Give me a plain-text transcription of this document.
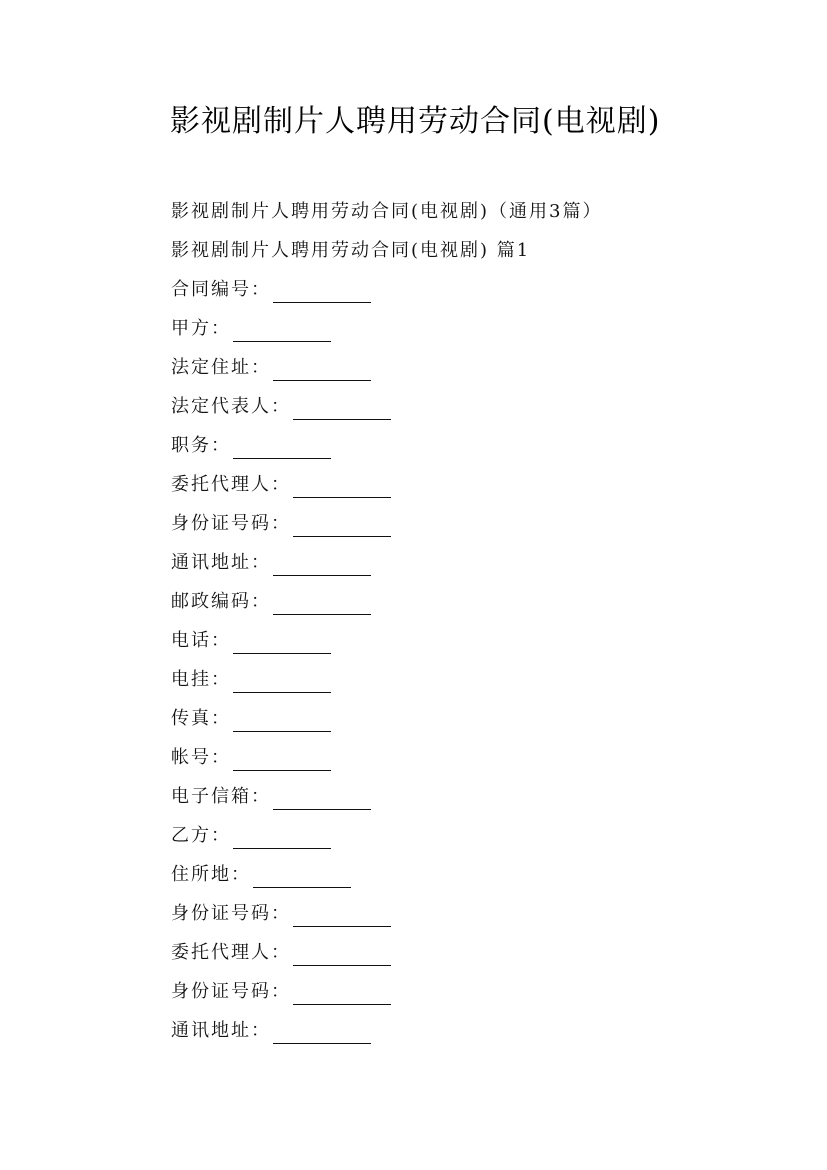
影视剧制片人聘用劳动合同(电视剧)
影视剧制片人聘用劳动合同(电视剧)（通用3篇）
影视剧制片人聘用劳动合同(电视剧) 篇1
合同编号：
甲方：
法定住址：
法定代表人：
职务：
委托代理人：
身份证号码：
通讯地址：
邮政编码：
电话：
电挂：
传真：
帐号：
电子信箱：
乙方：
住所地：
身份证号码：
委托代理人：
身份证号码：
通讯地址：
